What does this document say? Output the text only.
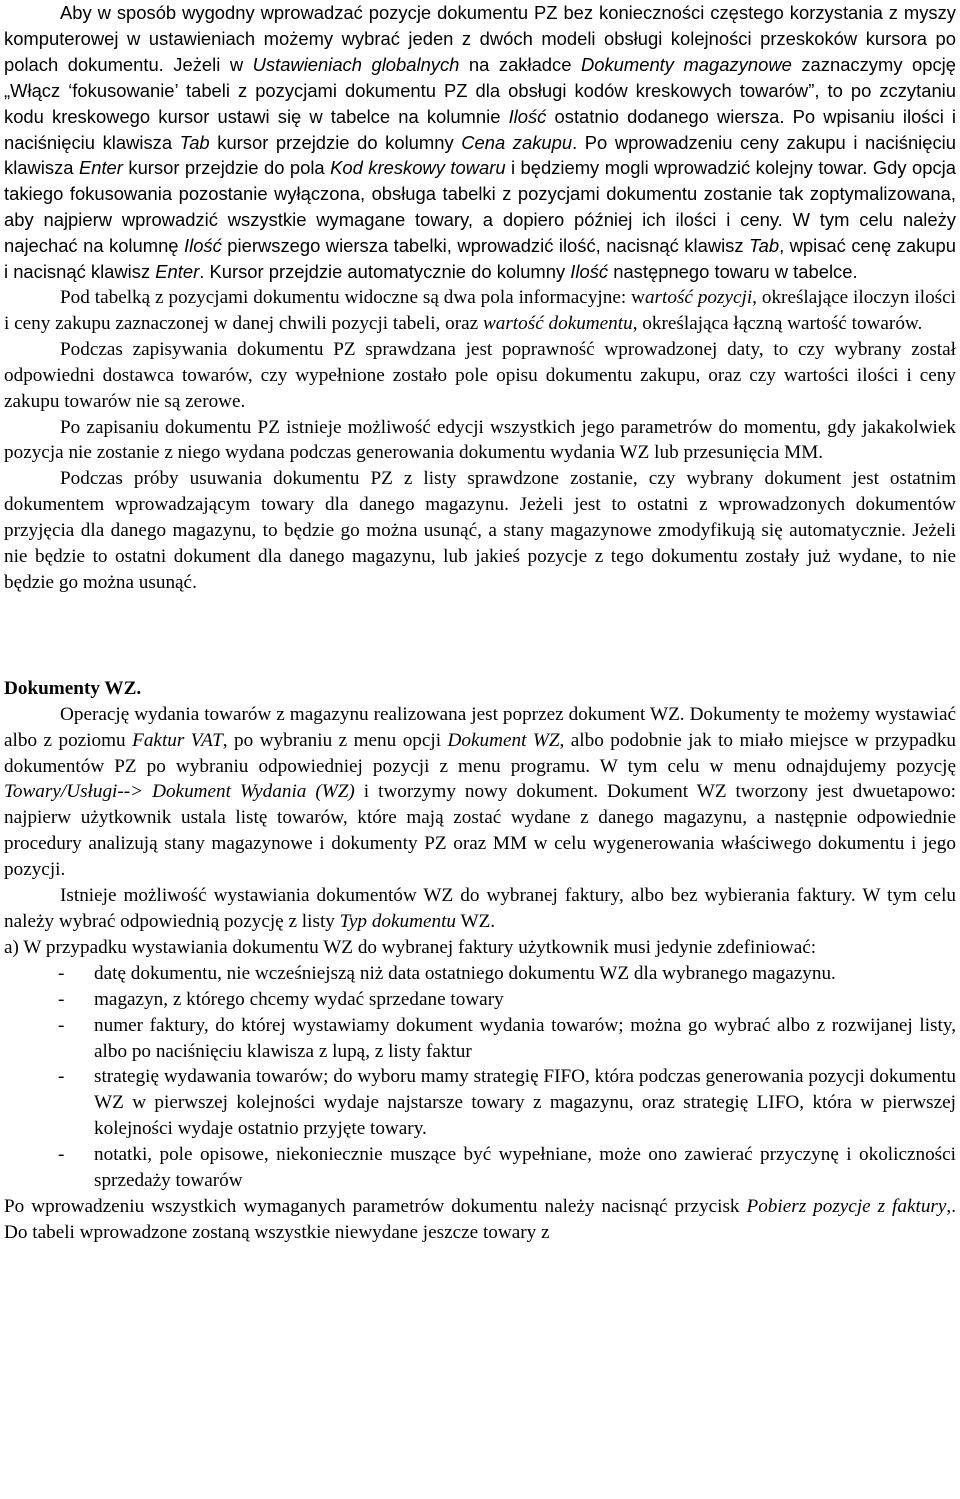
Aby w sposób wygodny wprowadzać pozycje dokumentu PZ bez konieczności częstego korzystania z myszy komputerowej w ustawieniach możemy wybrać jeden z dwóch modeli obsługi kolejności przeskoków kursora po polach dokumentu. Jeżeli w Ustawieniach globalnych na zakładce Dokumenty magazynowe zaznaczymy opcję „Włącz ‘fokusowanie’ tabeli z pozycjami dokumentu PZ dla obsługi kodów kreskowych towarów”, to po zczytaniu kodu kreskowego kursor ustawi się w tabelce na kolumnie Ilość ostatnio dodanego wiersza. Po wpisaniu ilości i naciśnięciu klawisza Tab kursor przejdzie do kolumny Cena zakupu. Po wprowadzeniu ceny zakupu i naciśnięciu klawisza Enter kursor przejdzie do pola Kod kreskowy towaru i będziemy mogli wprowadzić kolejny towar. Gdy opcja takiego fokusowania pozostanie wyłączona, obsługa tabelki z pozycjami dokumentu zostanie tak zoptymalizowana, aby najpierw wprowadzić wszystkie wymagane towary, a dopiero później ich ilości i ceny. W tym celu należy najechać na kolumnę Ilość pierwszego wiersza tabelki, wprowadzić ilość, nacisnąć klawisz Tab, wpisać cenę zakupu i nacisnąć klawisz Enter. Kursor przejdzie automatycznie do kolumny Ilość następnego towaru w tabelce.

Pod tabelką z pozycjami dokumentu widoczne są dwa pola informacyjne: wartość pozycji, określające iloczyn ilości i ceny zakupu zaznaczonej w danej chwili pozycji tabeli, oraz wartość dokumentu, określająca łączną wartość towarów.

Podczas zapisywania dokumentu PZ sprawdzana jest poprawność wprowadzonej daty, to czy wybrany został odpowiedni dostawca towarów, czy wypełnione zostało pole opisu dokumentu zakupu, oraz czy wartości ilości i ceny zakupu towarów nie są zerowe.

Po zapisaniu dokumentu PZ istnieje możliwość edycji wszystkich jego parametrów do momentu, gdy jakakolwiek pozycja nie zostanie z niego wydana podczas generowania dokumentu wydania WZ lub przesunięcia MM.

Podczas próby usuwania dokumentu PZ z listy sprawdzone zostanie, czy wybrany dokument jest ostatnim dokumentem wprowadzającym towary dla danego magazynu. Jeżeli jest to ostatni z wprowadzonych dokumentów przyjęcia dla danego magazynu, to będzie go można usunąć, a stany magazynowe zmodyfikują się automatycznie. Jeżeli nie będzie to ostatni dokument dla danego magazynu, lub jakieś pozycje z tego dokumentu zostały już wydane, to nie będzie go można usunąć.

Dokumenty WZ.

Operację wydania towarów z magazynu realizowana jest poprzez dokument WZ. Dokumenty te możemy wystawiać albo z poziomu Faktur VAT, po wybraniu z menu opcji Dokument WZ, albo podobnie jak to miało miejsce w przypadku dokumentów PZ po wybraniu odpowiedniej pozycji z menu programu. W tym celu w menu odnajdujemy pozycję Towary/Usługi--> Dokument Wydania (WZ) i tworzymy nowy dokument. Dokument WZ tworzony jest dwuetapowo: najpierw użytkownik ustala listę towarów, które mają zostać wydane z danego magazynu, a następnie odpowiednie procedury analizują stany magazynowe i dokumenty PZ oraz MM w celu wygenerowania właściwego dokumentu i jego pozycji.

Istnieje możliwość wystawiania dokumentów WZ do wybranej faktury, albo bez wybierania faktury. W tym celu należy wybrać odpowiednią pozycję z listy Typ dokumentu WZ.

a) W przypadku wystawiania dokumentu WZ do wybranej faktury użytkownik musi jedynie zdefiniować:

- datę dokumentu, nie wcześniejszą niż data ostatniego dokumentu WZ dla wybranego magazynu.
- magazyn, z którego chcemy wydać sprzedane towary
- numer faktury, do której wystawiamy dokument wydania towarów; można go wybrać albo z rozwijanej listy, albo po naciśnięciu klawisza z lupą, z listy faktur
- strategię wydawania towarów; do wyboru mamy strategię FIFO, która podczas generowania pozycji dokumentu WZ w pierwszej kolejności wydaje najstarsze towary z magazynu, oraz strategię LIFO, która w pierwszej kolejności wydaje ostatnio przyjęte towary.
- notatki, pole opisowe, niekoniecznie muszące być wypełniane, może ono zawierać przyczynę i okoliczności sprzedaży towarów

Po wprowadzeniu wszystkich wymaganych parametrów dokumentu należy nacisnąć przycisk Pobierz pozycje z faktury,. Do tabeli wprowadzone zostaną wszystkie niewydane jeszcze towary z
